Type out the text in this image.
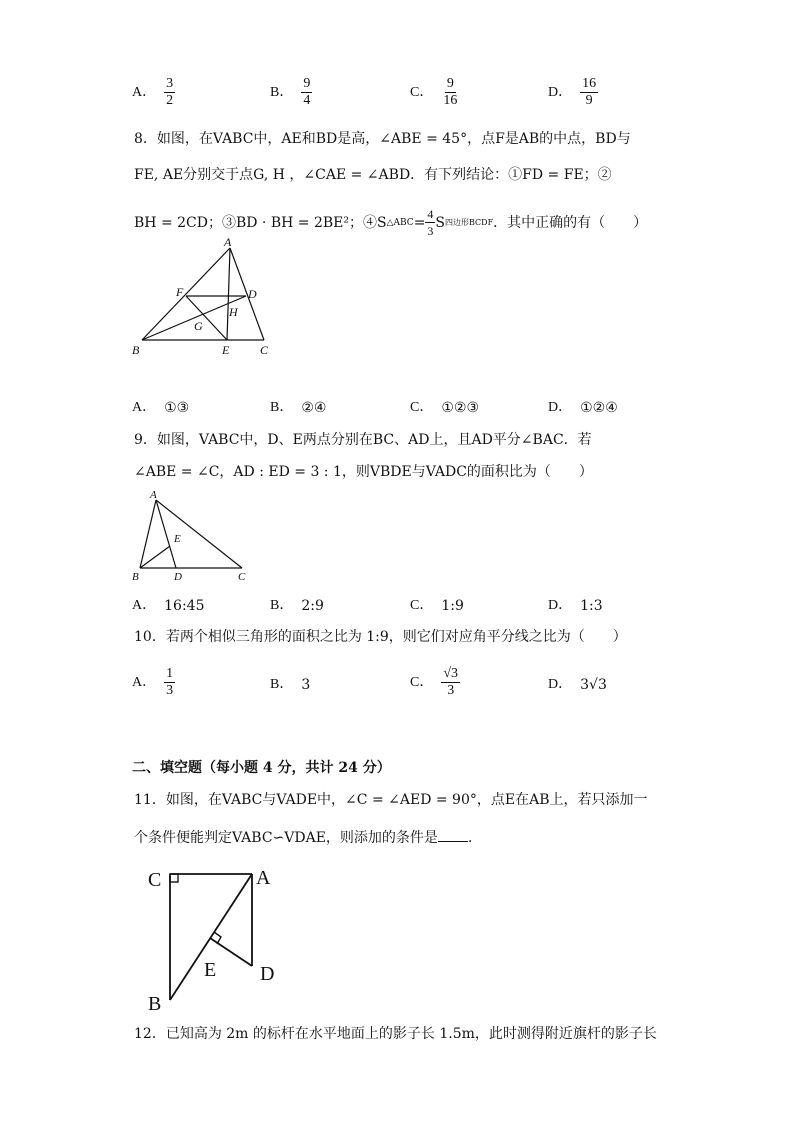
A． $\frac{3}{2}$	B． $\frac{9}{4}$	C． $\frac{9}{16}$	D． $\frac{16}{9}$
8．如图，在VABC中，AE和BD是高，∠ABE = 45°，点F是AB的中点，BD与
FE, AE分别交于点G, H ，∠CAE = ∠ABD．有下列结论：①FD = FE；②
BH = 2CD；③BD · BH = 2BE²；④S △ABC = $\frac{4}{3}$ S 四边形BCDF ．其中正确的有（　　）
A
F	D
H
G
B	E	C
A． ①③	B． ②④	C． ①②③	D． ①②④
9．如图，VABC中，D、E两点分别在BC、AD上，且AD平分∠BAC．若
∠ABE = ∠C，AD : ED = 3 : 1，则VBDE与VADC的面积比为（　　）
A
E
B	D	C
A． 16:45	B． 2:9	C． 1:9	D． 1:3
10．若两个相似三角形的面积之比为 1:9，则它们对应角平分线之比为（　　）
A． $\frac{1}{3}$	B． 3	C． $\frac{√3}{3}$	D． 3√3
二、填空题（每小题 4 分，共计 24 分）
11．如图，在VABC与VADE中，∠C = ∠AED = 90°，点E在AB上，若只添加一
个条件便能判定VABC∽VDAE，则添加的条件是 ．
C	A
E D
B
12．已知高为 2m 的标杆在水平地面上的影子长 1.5m，此时测得附近旗杆的影子长
